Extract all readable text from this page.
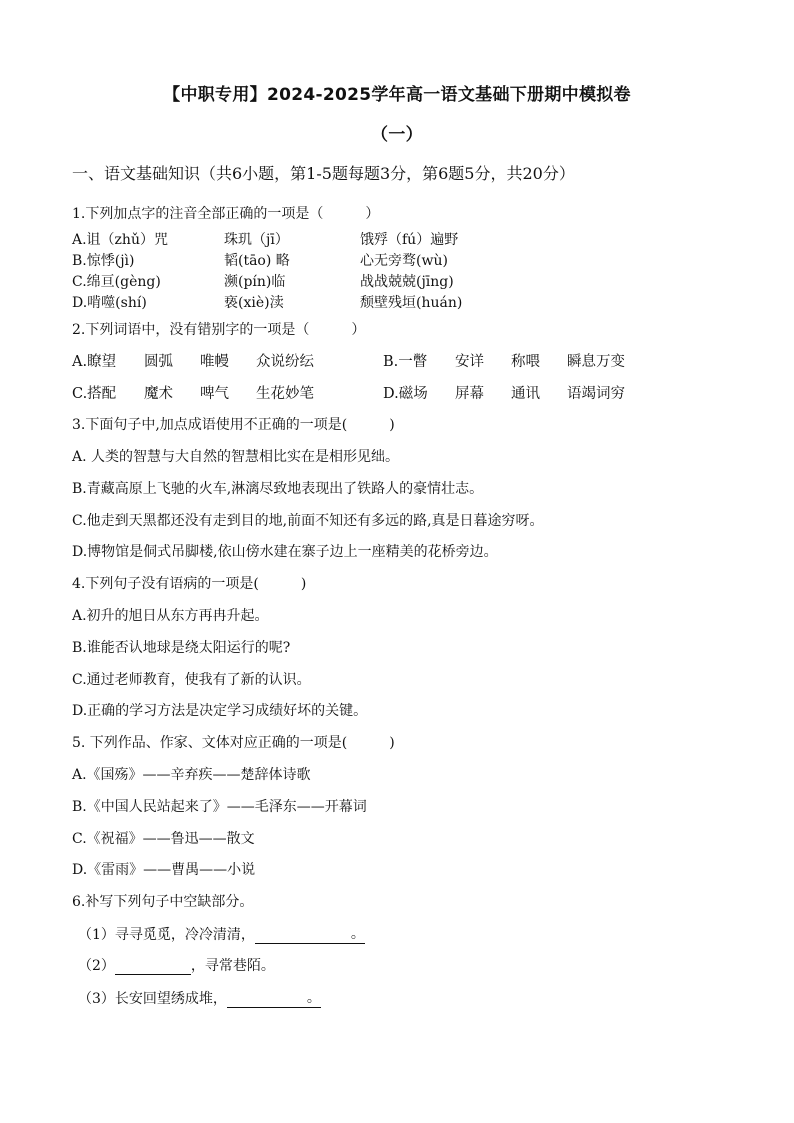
【中职专用】2024-2025学年高一语文基础下册期中模拟卷
（一）
一、语文基础知识（共6小题，第1-5题每题3分，第6题5分，共20分）
1.下列加点字的注音全部正确的一项是（　　　）
A.诅（zhǔ）咒	珠玑（jī）	饿殍（fú）遍野
B.惊悸(jì)	韬(tāo) 略	心无旁骛(wù)
C.绵亘(gèng)	濒(pín)临	战战兢兢(jīng)
D.啃噬(shí)	亵(xiè)渎	颓壁残垣(huán)
2.下列词语中，没有错别字的一项是（　　　）
A.瞭望 圆弧 唯幔 众说纷纭	B.一瞥 安详 称喂 瞬息万变
C.搭配 魔术 啤气 生花妙笔	D.磁场 屏幕 通讯 语竭词穷
3.下面句子中,加点成语使用不正确的一项是(　　　)
A. 人类的智慧与大自然的智慧相比实在是相形见绌。
B.青藏高原上飞驰的火车,淋漓尽致地表现出了铁路人的豪情壮志。
C.他走到天黑都还没有走到目的地,前面不知还有多远的路,真是日暮途穷呀。
D.博物馆是侗式吊脚楼,依山傍水建在寨子边上一座精美的花桥旁边。
4.下列句子没有语病的一项是(　　　)
A.初升的旭日从东方再冉升起。
B.谁能否认地球是绕太阳运行的呢?
C.通过老师教育，使我有了新的认识。
D.正确的学习方法是决定学习成绩好坏的关键。
5. 下列作品、作家、文体对应正确的一项是(　　　)
A.《国殇》——辛弃疾——楚辞体诗歌
B.《中国人民站起来了》——毛泽东——开幕词
C.《祝福》——鲁迅——散文
D.《雷雨》——曹禺——小说
6.补写下列句子中空缺部分。
（1）寻寻觅觅，冷冷清清，	。
（2）	，寻常巷陌。
（3）长安回望绣成堆，	。
